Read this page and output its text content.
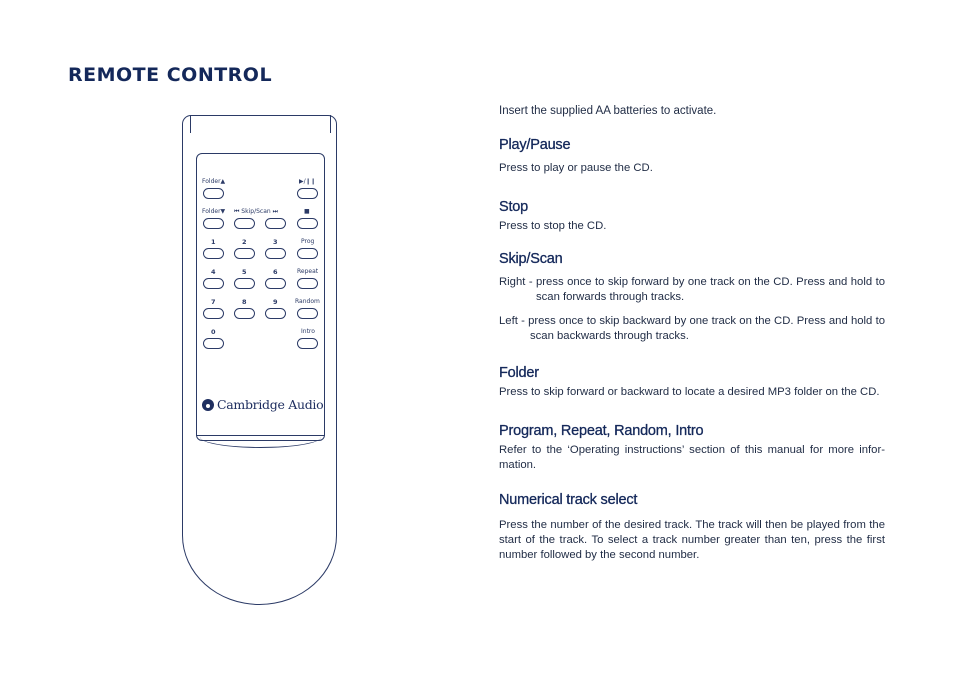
REMOTE CONTROL
Folder▲	▶/❙❙
Folder▼ ⏮ Skip/Scan ⏭	■
1	2	3	Prog
4	5	6	Repeat
7	8	9	Random
0	Intro
Cambridge Audio

Insert the supplied AA batteries to activate.

Play/Pause

Press to play or pause the CD.

Stop

Press to stop the CD.

Skip/Scan

Right - press once to skip forward by one track on the CD. Press and hold to scan forwards through tracks.

Left - press once to skip backward by one track on the CD. Press and hold to scan backwards through tracks.

Folder

Press to skip forward or backward to locate a desired MP3 folder on the CD.

Program, Repeat, Random, Intro

Refer to the ‘Operating instructions’ section of this manual for more infor-mation.

Numerical track select

Press the number of the desired track. The track will then be played from the start of the track. To select a track number greater than ten, press the first number followed by the second number.
